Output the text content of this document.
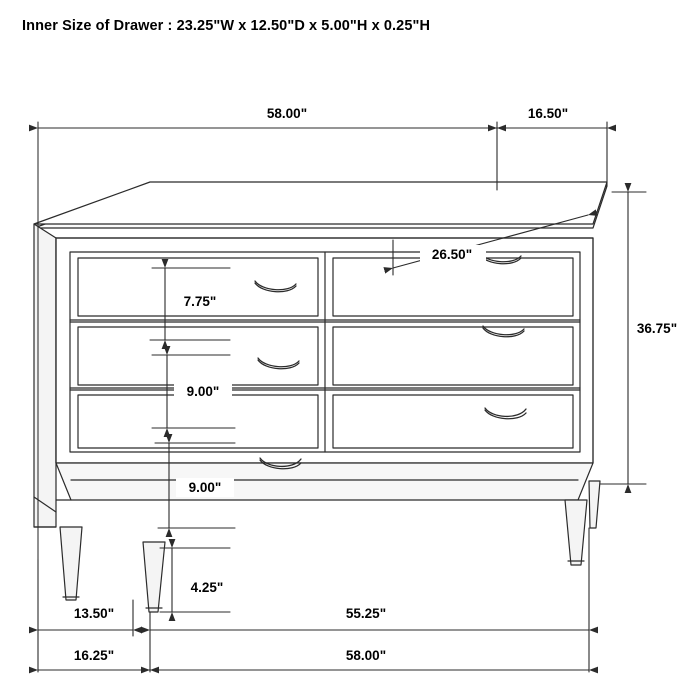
Inner Size of Drawer : 23.25"W x 12.50"D x 5.00"H x 0.25"H
58.00"	16.50"
36.75"
26.50"
7.75"
9.00"
9.00"
4.25"
13.50"	55.25"
16.25"	58.00"
